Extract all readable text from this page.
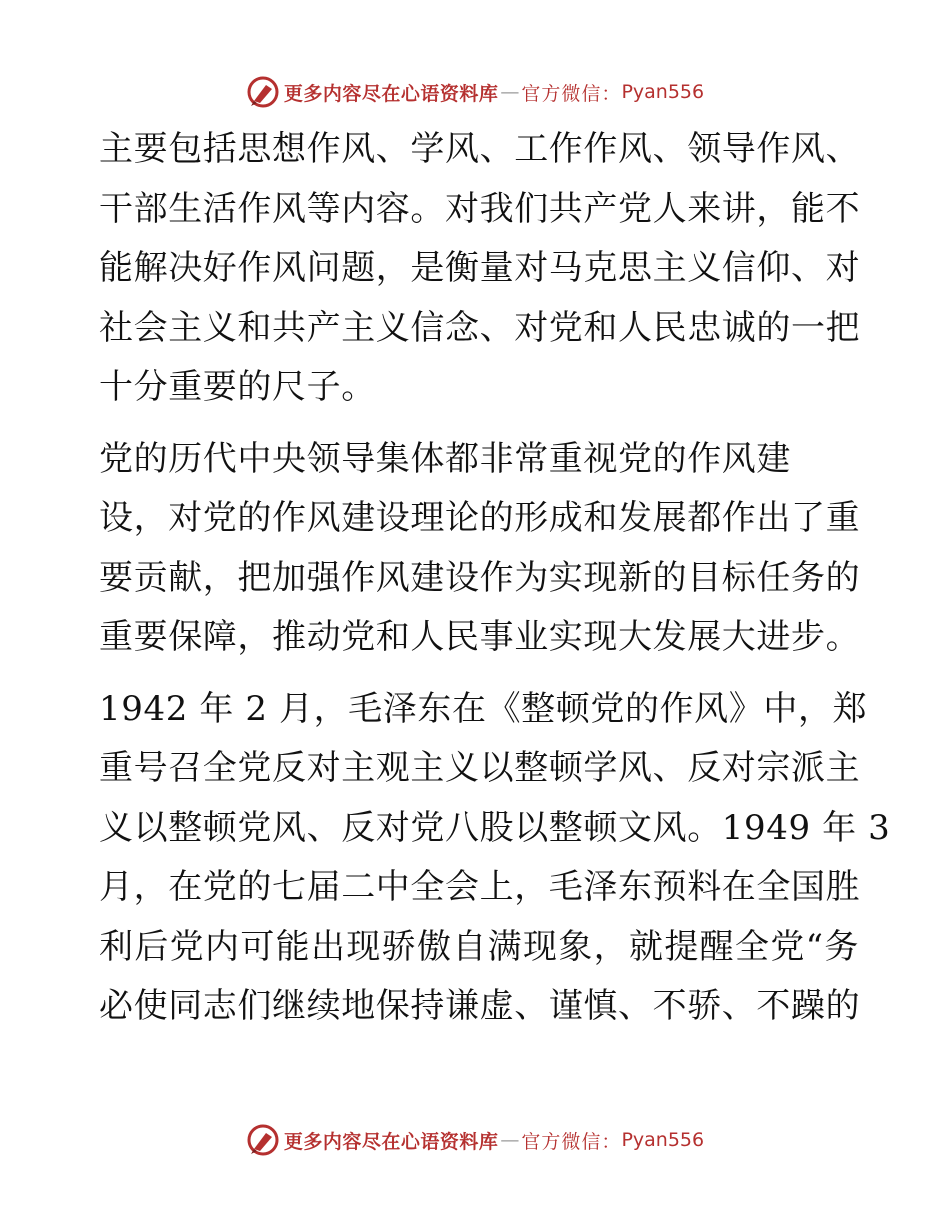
更多内容尽在心语资料库 — 官方微信： Pyan556
主要包括思想作风、学风、工作作风、领导作风、
干部生活作风等内容。对我们共产党人来讲，能不
能解决好作风问题，是衡量对马克思主义信仰、对
社会主义和共产主义信念、对党和人民忠诚的一把
十分重要的尺子。
党的历代中央领导集体都非常重视党的作风建
设，对党的作风建设理论的形成和发展都作出了重
要贡献，把加强作风建设作为实现新的目标任务的
重要保障，推动党和人民事业实现大发展大进步。
1942 年 2 月，毛泽东在《整顿党的作风》中，郑
重号召全党反对主观主义以整顿学风、反对宗派主
义以整顿党风、反对党八股以整顿文风。1949 年 3
月，在党的七届二中全会上，毛泽东预料在全国胜
利后党内可能出现骄傲自满现象，就提醒全党“务
必使同志们继续地保持谦虚、谨慎、不骄、不躁的
更多内容尽在心语资料库 — 官方微信： Pyan556
